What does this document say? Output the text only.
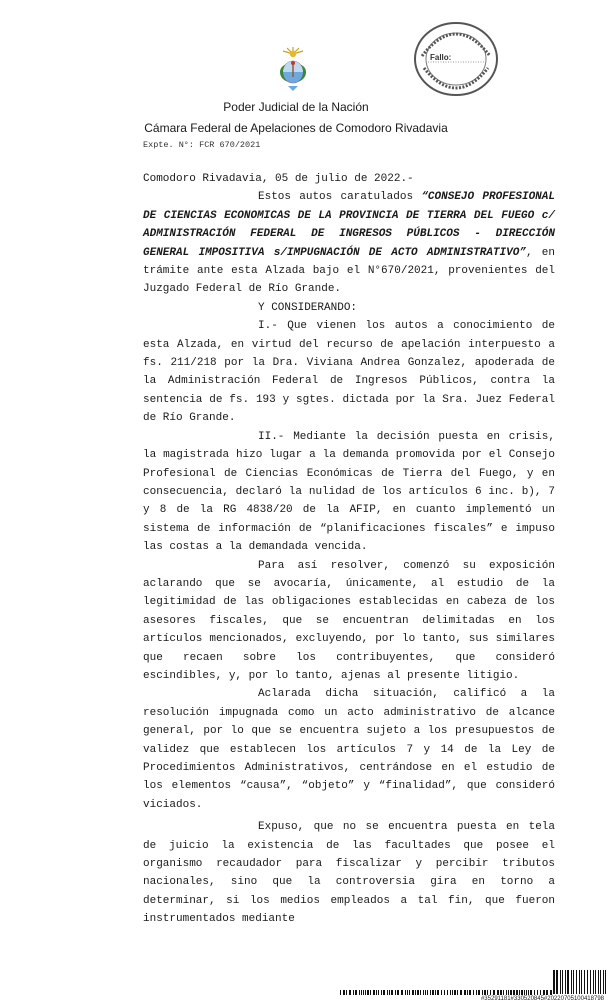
Fallo:
Poder Judicial de la Nación
Cámara Federal de Apelaciones de Comodoro Rivadavia
Expte. N°: FCR 670/2021

Comodoro Rivadavia, 05 de julio de 2022.-

Estos autos caratulados “CONSEJO PROFESIONAL DE CIENCIAS ECONOMICAS DE LA PROVINCIA DE TIERRA DEL FUEGO c/ ADMINISTRACIÓN FEDERAL DE INGRESOS PÚBLICOS - DIRECCIÓN GENERAL IMPOSITIVA s/IMPUGNACIÓN DE ACTO ADMINISTRATIVO”, en trámite ante esta Alzada bajo el N°670/2021, provenientes del Juzgado Federal de Río Grande.

Y CONSIDERANDO:

I.- Que vienen los autos a conocimiento de esta Alzada, en virtud del recurso de apelación interpuesto a fs. 211/218 por la Dra. Viviana Andrea Gonzalez, apoderada de la Administración Federal de Ingresos Públicos, contra la sentencia de fs. 193 y sgtes. dictada por la Sra. Juez Federal de Río Grande.

II.- Mediante la decisión puesta en crisis, la magistrada hizo lugar a la demanda promovida por el Consejo Profesional de Ciencias Económicas de Tierra del Fuego, y en consecuencia, declaró la nulidad de los artículos 6 inc. b), 7 y 8 de la RG 4838/20 de la AFIP, en cuanto implementó un sistema de información de “planificaciones fiscales” e impuso las costas a la demandada vencida.

Para así resolver, comenzó su exposición aclarando que se avocaría, únicamente, al estudio de la legitimidad de las obligaciones establecidas en cabeza de los asesores fiscales, que se encuentran delimitadas en los artículos mencionados, excluyendo, por lo tanto, sus similares que recaen sobre los contribuyentes, que consideró escindibles, y, por lo tanto, ajenas al presente litigio.

Aclarada dicha situación, calificó a la resolución impugnada como un acto administrativo de alcance general, por lo que se encuentra sujeto a los presupuestos de validez que establecen los artículos 7 y 14 de la Ley de Procedimientos Administrativos, centrándose en el estudio de los elementos “causa”, “objeto” y “finalidad”, que consideró viciados.

Expuso, que no se encuentra puesta en tela de juicio la existencia de las facultades que posee el organismo recaudador para fiscalizar y percibir tributos nacionales, sino que la controversia gira en torno a determinar, si los medios empleados a tal fin, que fueron instrumentados mediante

#35291181#330520845#20220705100418798
